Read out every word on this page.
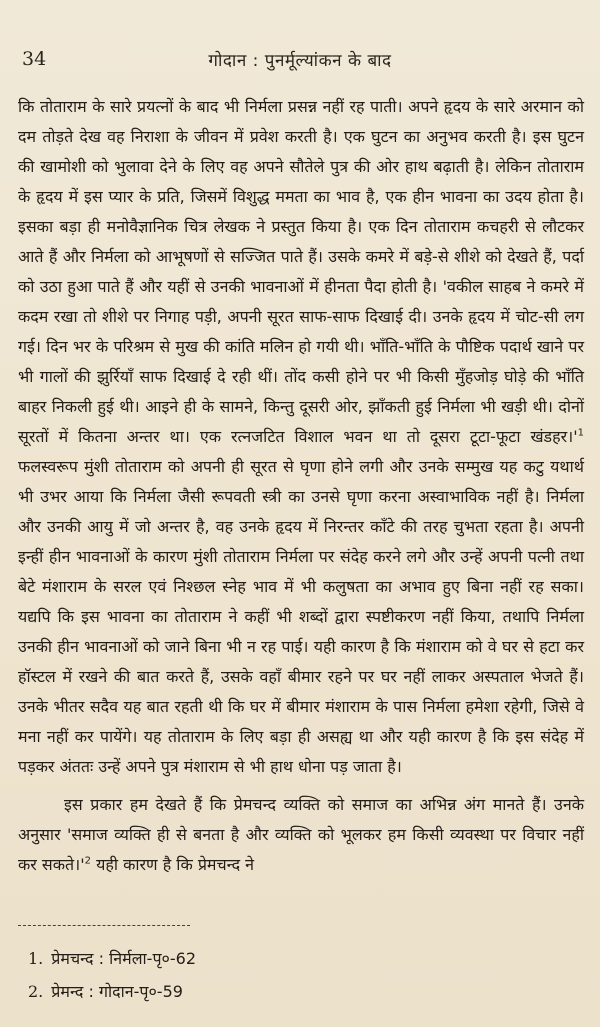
34	गोदान : पुनर्मूल्यांकन के बाद

कि तोताराम के सारे प्रयत्नों के बाद भी निर्मला प्रसन्न नहीं रह पाती। अपने हृदय के सारे अरमान को दम तोड़ते देख वह निराशा के जीवन में प्रवेश करती है। एक घुटन का अनुभव करती है। इस घुटन की खामोशी को भुलावा देने के लिए वह अपने सौतेले पुत्र की ओर हाथ बढ़ाती है। लेकिन तोताराम के हृदय में इस प्यार के प्रति, जिसमें विशुद्ध ममता का भाव है, एक हीन भावना का उदय होता है। इसका बड़ा ही मनोवैज्ञानिक चित्र लेखक ने प्रस्तुत किया है। एक दिन तोताराम कचहरी से लौटकर आते हैं और निर्मला को आभूषणों से सज्जित पाते हैं। उसके कमरे में बड़े-से शीशे को देखते हैं, पर्दा को उठा हुआ पाते हैं और यहीं से उनकी भावनाओं में हीनता पैदा होती है। 'वकील साहब ने कमरे में कदम रखा तो शीशे पर निगाह पड़ी, अपनी सूरत साफ-साफ दिखाई दी। उनके हृदय में चोट-सी लग गई। दिन भर के परिश्रम से मुख की कांति मलिन हो गयी थी। भाँति-भाँति के पौष्टिक पदार्थ खाने पर भी गालों की झुर्रियाँ साफ दिखाई दे रही थीं। तोंद कसी होने पर भी किसी मुँहजोड़ घोड़े की भाँति बाहर निकली हुई थी। आइने ही के सामने, किन्तु दूसरी ओर, झाँकती हुई निर्मला भी खड़ी थी। दोनों सूरतों में कितना अन्तर था। एक रत्नजटित विशाल भवन था तो दूसरा टूटा-फूटा $खंडहर।'^1$ फलस्वरूप मुंशी तोताराम को अपनी ही सूरत से घृणा होने लगी और उनके सम्मुख यह कटु यथार्थ भी उभर आया कि निर्मला जैसी रूपवती स्त्री का उनसे घृणा करना अस्वाभाविक नहीं है। निर्मला और उनकी आयु में जो अन्तर है, वह उनके हृदय में निरन्तर काँटे की तरह चुभता रहता है। अपनी इन्हीं हीन भावनाओं के कारण मुंशी तोताराम निर्मला पर संदेह करने लगे और उन्हें अपनी पत्नी तथा बेटे मंशाराम के सरल एवं निश्छल स्नेह भाव में भी कलुषता का अभाव हुए बिना नहीं रह सका। यद्यपि कि इस भावना का तोताराम ने कहीं भी शब्दों द्वारा स्पष्टीकरण नहीं किया, तथापि निर्मला उनकी हीन भावनाओं को जाने बिना भी न रह पाई। यही कारण है कि मंशाराम को वे घर से हटा कर हॉस्टल में रखने की बात करते हैं, उसके वहाँ बीमार रहने पर घर नहीं लाकर अस्पताल भेजते हैं। उनके भीतर सदैव यह बात रहती थी कि घर में बीमार मंशाराम के पास निर्मला हमेशा रहेगी, जिसे वे मना नहीं कर पायेंगे। यह तोताराम के लिए बड़ा ही असह्य था और यही कारण है कि इस संदेह में पड़कर अंततः उन्हें अपने पुत्र मंशाराम से भी हाथ धोना पड़ जाता है।

इस प्रकार हम देखते हैं कि प्रेमचन्द व्यक्ति को समाज का अभिन्न अंग मानते हैं। उनके अनुसार 'समाज व्यक्ति ही से बनता है और व्यक्ति को भूलकर हम किसी व्यवस्था पर विचार नहीं कर $सकते।'^2$ यही कारण है कि प्रेमचन्द ने

1. प्रेमचन्द : निर्मला-पृ०-62
2. प्रेमन्द : गोदान-पृ०-59
